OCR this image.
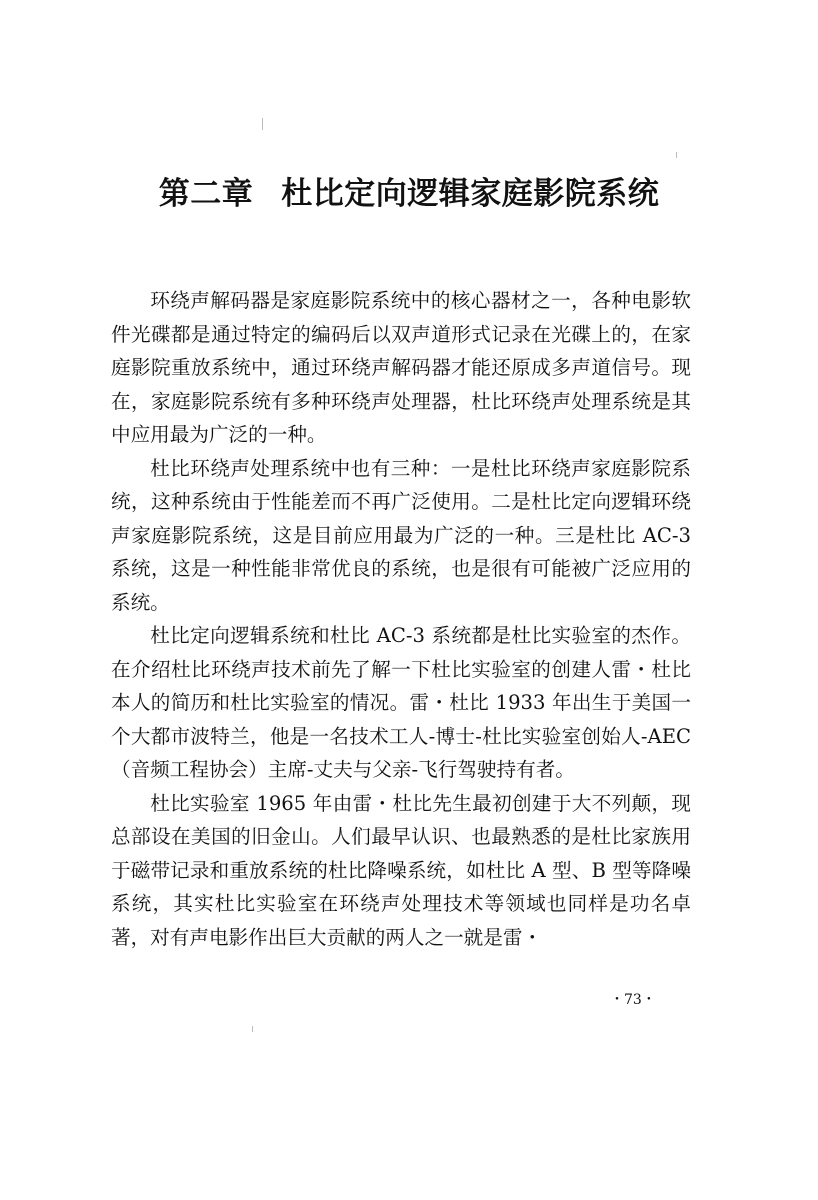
第二章 杜比定向逻辑家庭影院系统

环绕声解码器是家庭影院系统中的核心器材之一，各种电影软件光碟都是通过特定的编码后以双声道形式记录在光碟上的，在家庭影院重放系统中，通过环绕声解码器才能还原成多声道信号。现在，家庭影院系统有多种环绕声处理器，杜比环绕声处理系统是其中应用最为广泛的一种。

杜比环绕声处理系统中也有三种：一是杜比环绕声家庭影院系统，这种系统由于性能差而不再广泛使用。二是杜比定向逻辑环绕声家庭影院系统，这是目前应用最为广泛的一种。三是杜比 AC-3 系统，这是一种性能非常优良的系统，也是很有可能被广泛应用的系统。

杜比定向逻辑系统和杜比 AC-3 系统都是杜比实验室的杰作。在介绍杜比环绕声技术前先了解一下杜比实验室的创建人雷・杜比本人的简历和杜比实验室的情况。雷・杜比 1933 年出生于美国一个大都市波特兰，他是一名技术工人-博士-杜比实验室创始人-AEC（音频工程协会）主席-丈夫与父亲-飞行驾驶持有者。

杜比实验室 1965 年由雷・杜比先生最初创建于大不列颠，现总部设在美国的旧金山。人们最早认识、也最熟悉的是杜比家族用于磁带记录和重放系统的杜比降噪系统，如杜比 A 型、B 型等降噪系统，其实杜比实验室在环绕声处理技术等领域也同样是功名卓著，对有声电影作出巨大贡献的两人之一就是雷・

・73・
